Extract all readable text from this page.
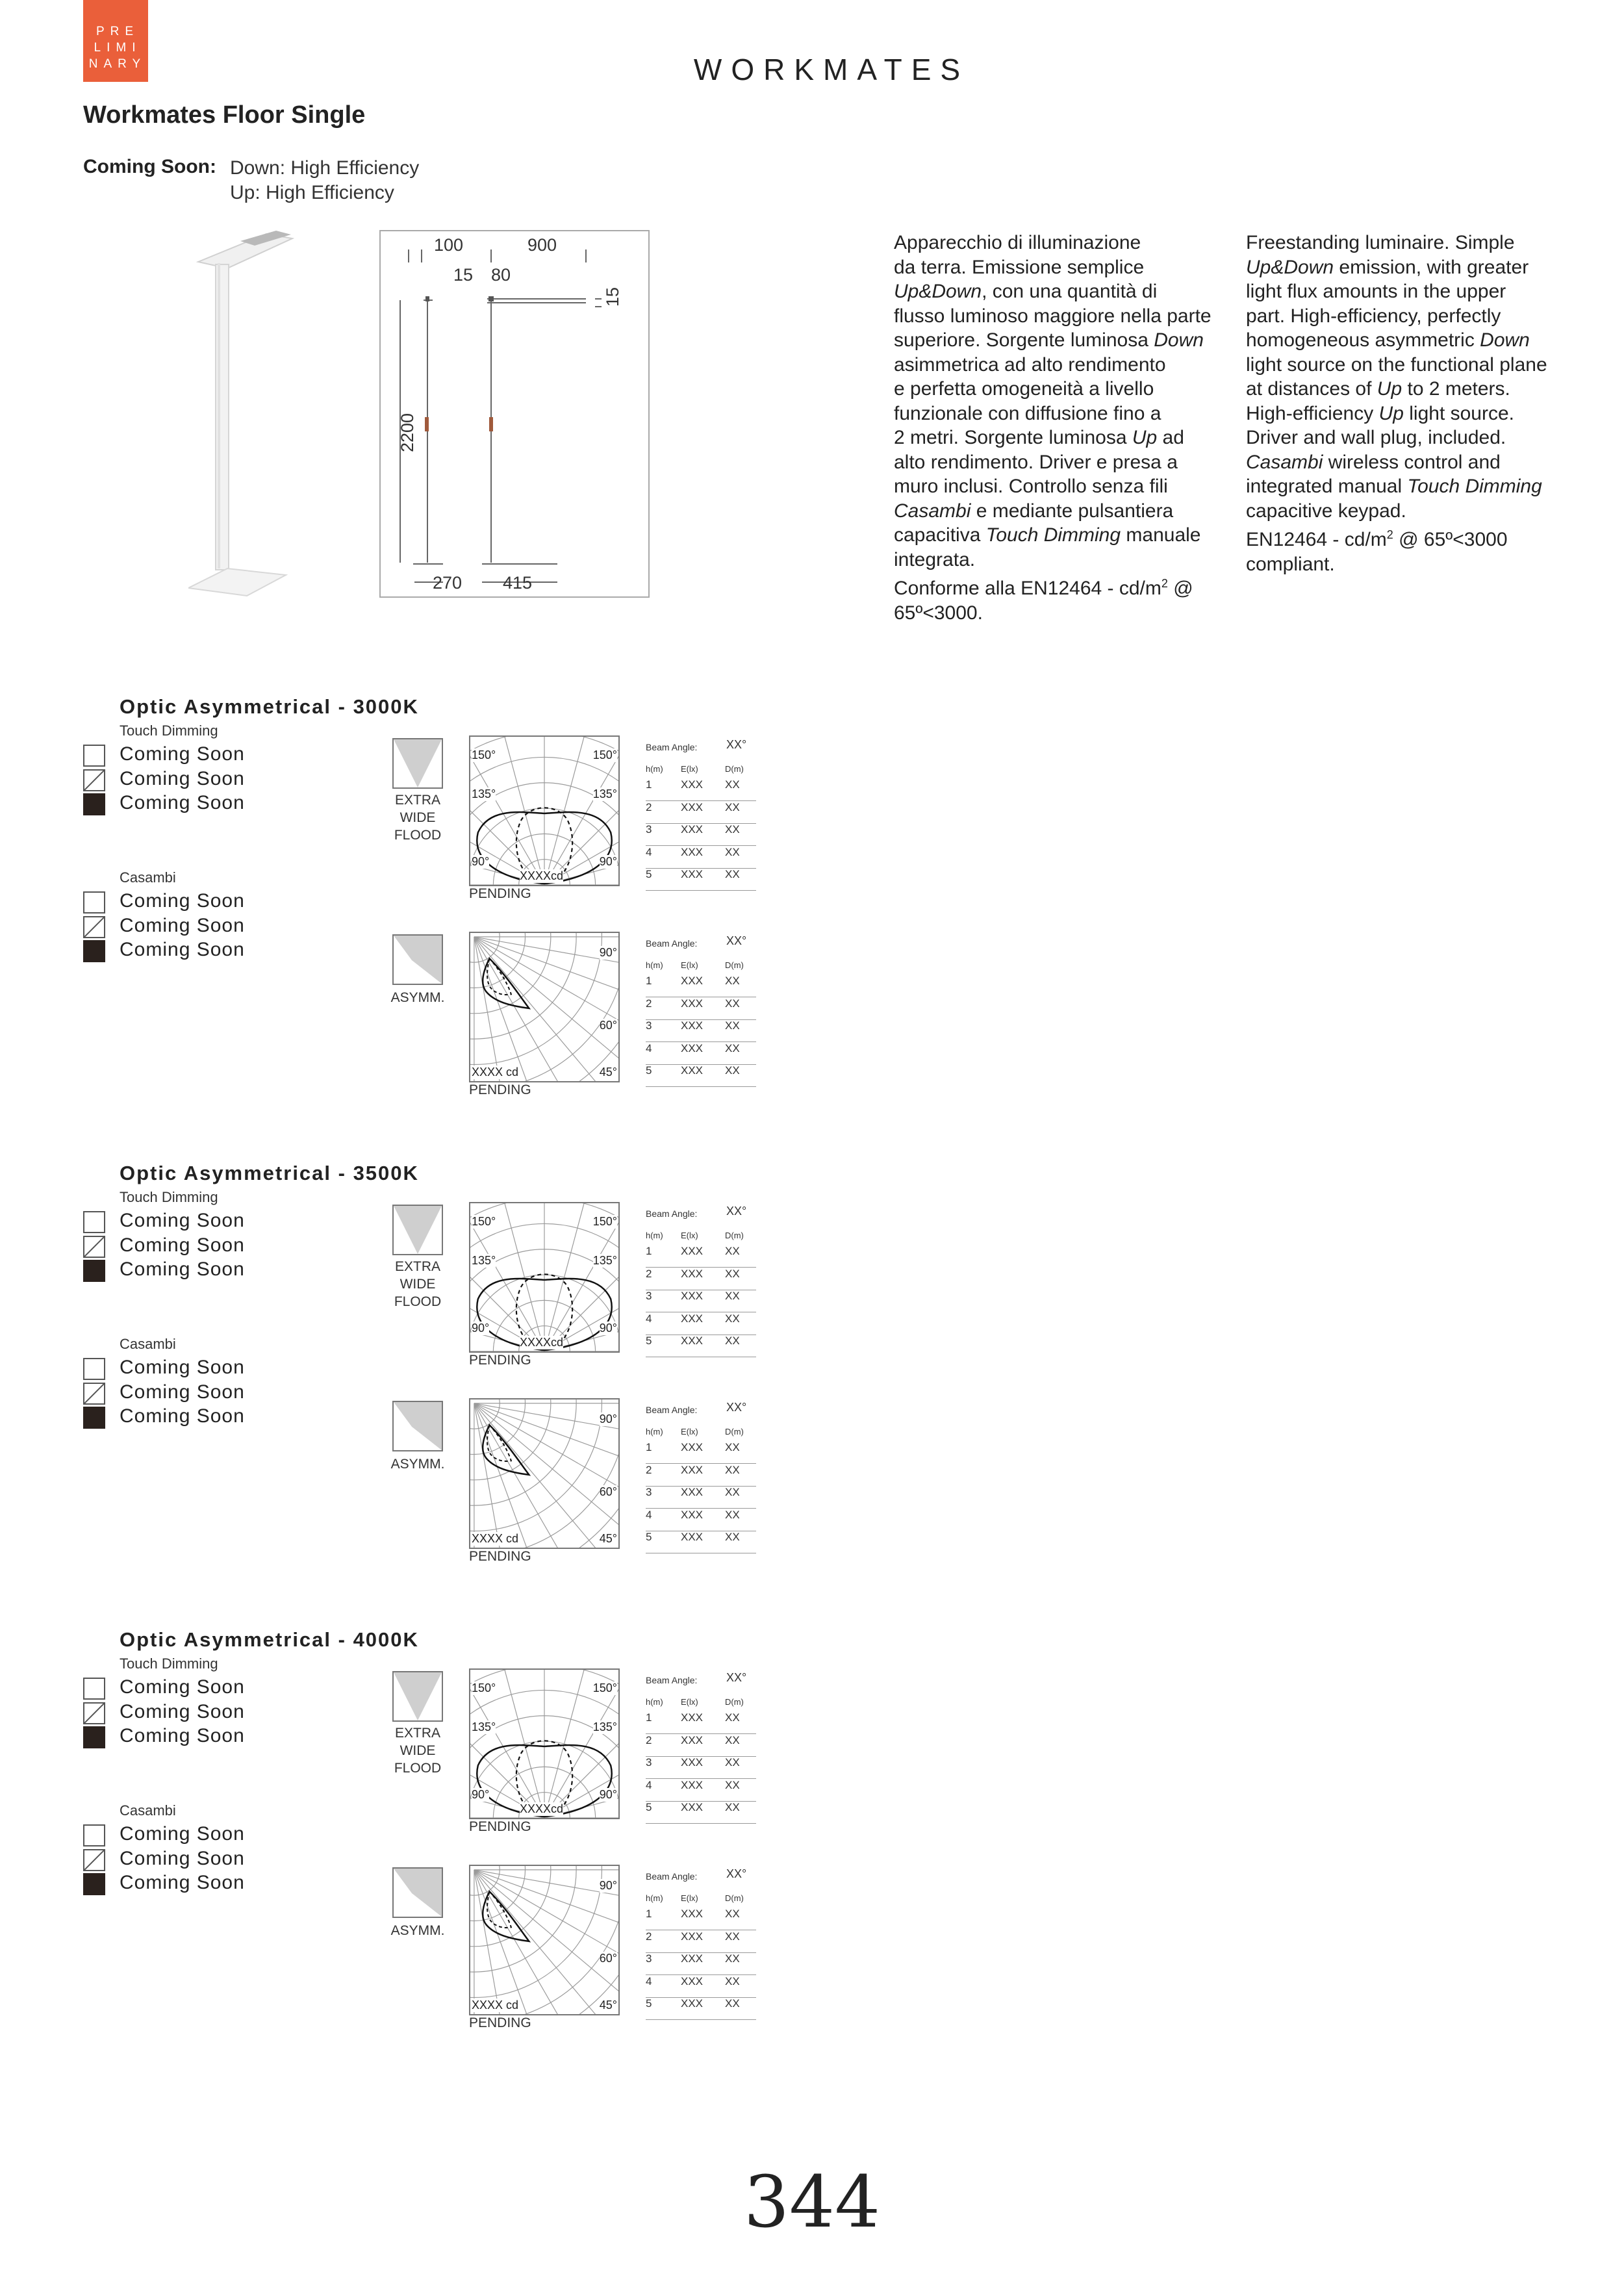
PRE
LIMI
NARY	WORKMATES
Workmates Floor Single
Coming Soon: Down: High Efficiency
Up: High Efficiency
100	900
15 80
15
2200
270 415

Apparecchio di illuminazione

da terra. Emissione semplice

Up&Down, con una quantità di

flusso luminoso maggiore nella parte

superiore. Sorgente luminosa Down

asimmetrica ad alto rendimento

e perfetta omogeneità a livello

funzionale con diffusione fino a

2 metri. Sorgente luminosa Up ad

alto rendimento. Driver e presa a

muro inclusi. Controllo senza fili

Casambi e mediante pulsantiera

capacitiva Touch Dimming manuale

integrata.

Conforme alla $EN12464 - cd/m^2$ @

65º<3000.

Freestanding luminaire. Simple

Up&Down emission, with greater

light flux amounts in the upper

part. High-efficiency, perfectly

homogeneous asymmetric Down

light source on the functional plane

at distances of Up to 2 meters.

High-efficiency Up light source.

Driver and wall plug, included.

Casambi wireless control and

integrated manual Touch Dimming

capacitive keypad.

$EN12464 - cd/m^2$ @ 65º<3000

compliant.

Optic Asymmetrical - 3000K
Touch Dimming
Coming Soon
Coming Soon
Coming Soon
Casambi
Coming Soon
Coming Soon
Coming Soon
EXTRA
WIDE
FLOOD
150°	150°
135°	135°
90°	90°
XXXXcd
PENDING
Beam Angle: XX°
h(m) E(lx)	D(m)
1	XXX XX
2	XXX XX
3	XXX XX
4	XXX XX
5	XXX XX
ASYMM.
90°
60°
45°
XXXX cd
PENDING
Beam Angle: XX°
h(m) E(lx)	D(m)
1	XXX XX
2	XXX XX
3	XXX XX
4	XXX XX
5	XXX XX
Optic Asymmetrical - 3500K
Touch Dimming
Coming Soon
Coming Soon
Coming Soon
Casambi
Coming Soon
Coming Soon
Coming Soon
EXTRA
WIDE
FLOOD
150°	150°
135°	135°
90°	90°
XXXXcd
PENDING
Beam Angle: XX°
h(m) E(lx)	D(m)
1	XXX XX
2	XXX XX
3	XXX XX
4	XXX XX
5	XXX XX
ASYMM.
90°
60°
45°
XXXX cd
PENDING
Beam Angle: XX°
h(m) E(lx)	D(m)
1	XXX XX
2	XXX XX
3	XXX XX
4	XXX XX
5	XXX XX
Optic Asymmetrical - 4000K
Touch Dimming
Coming Soon
Coming Soon
Coming Soon
Casambi
Coming Soon
Coming Soon
Coming Soon
EXTRA
WIDE
FLOOD
150°	150°
135°	135°
90°	90°
XXXXcd
PENDING
Beam Angle: XX°
h(m) E(lx)	D(m)
1	XXX XX
2	XXX XX
3	XXX XX
4	XXX XX
5	XXX XX
ASYMM.
90°
60°
45°
XXXX cd
PENDING
Beam Angle: XX°
h(m) E(lx)	D(m)
1	XXX XX
2	XXX XX
3	XXX XX
4	XXX XX
5	XXX XX
344
